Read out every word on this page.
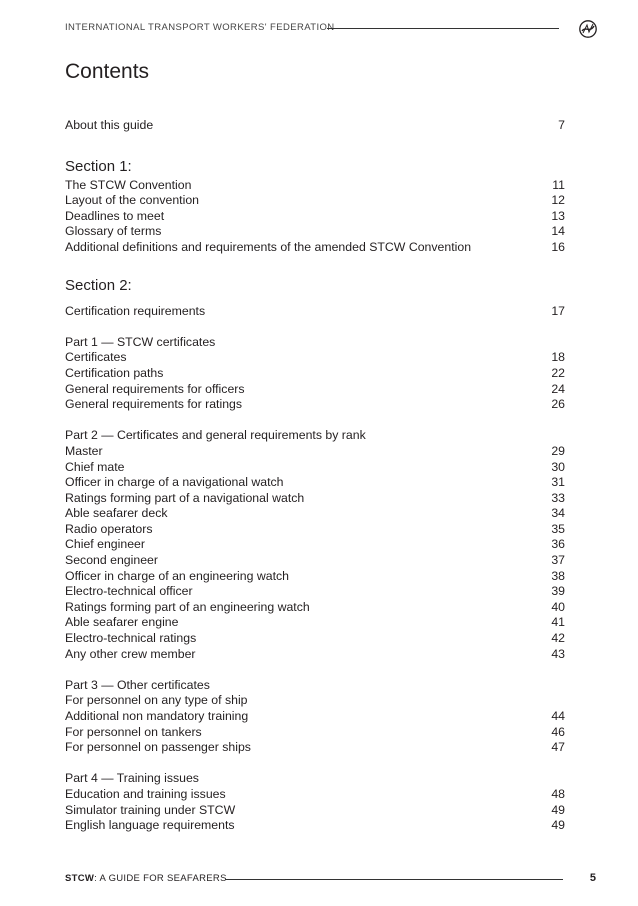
INTERNATIONAL TRANSPORT WORKERS' FEDERATION
Contents
About this guide	7
Section 1:
The STCW Convention	11
Layout of the convention	12
Deadlines to meet	13
Glossary of terms	14
Additional definitions and requirements of the amended STCW Convention	16
Section 2:
Certification requirements	17
Part 1 — STCW certificates
Certificates	18
Certification paths	22
General requirements for officers	24
General requirements for ratings	26
Part 2 — Certificates and general requirements by rank
Master	29
Chief mate	30
Officer in charge of a navigational watch	31
Ratings forming part of a navigational watch	33
Able seafarer deck	34
Radio operators	35
Chief engineer	36
Second engineer	37
Officer in charge of an engineering watch	38
Electro-technical officer	39
Ratings forming part of an engineering watch	40
Able seafarer engine	41
Electro-technical ratings	42
Any other crew member	43
Part 3 — Other certificates
For personnel on any type of ship
Additional non mandatory training	44
For personnel on tankers	46
For personnel on passenger ships	47
Part 4 — Training issues
Education and training issues	48
Simulator training under STCW	49
English language requirements	49
STCW: A GUIDE FOR SEAFARERS	5
